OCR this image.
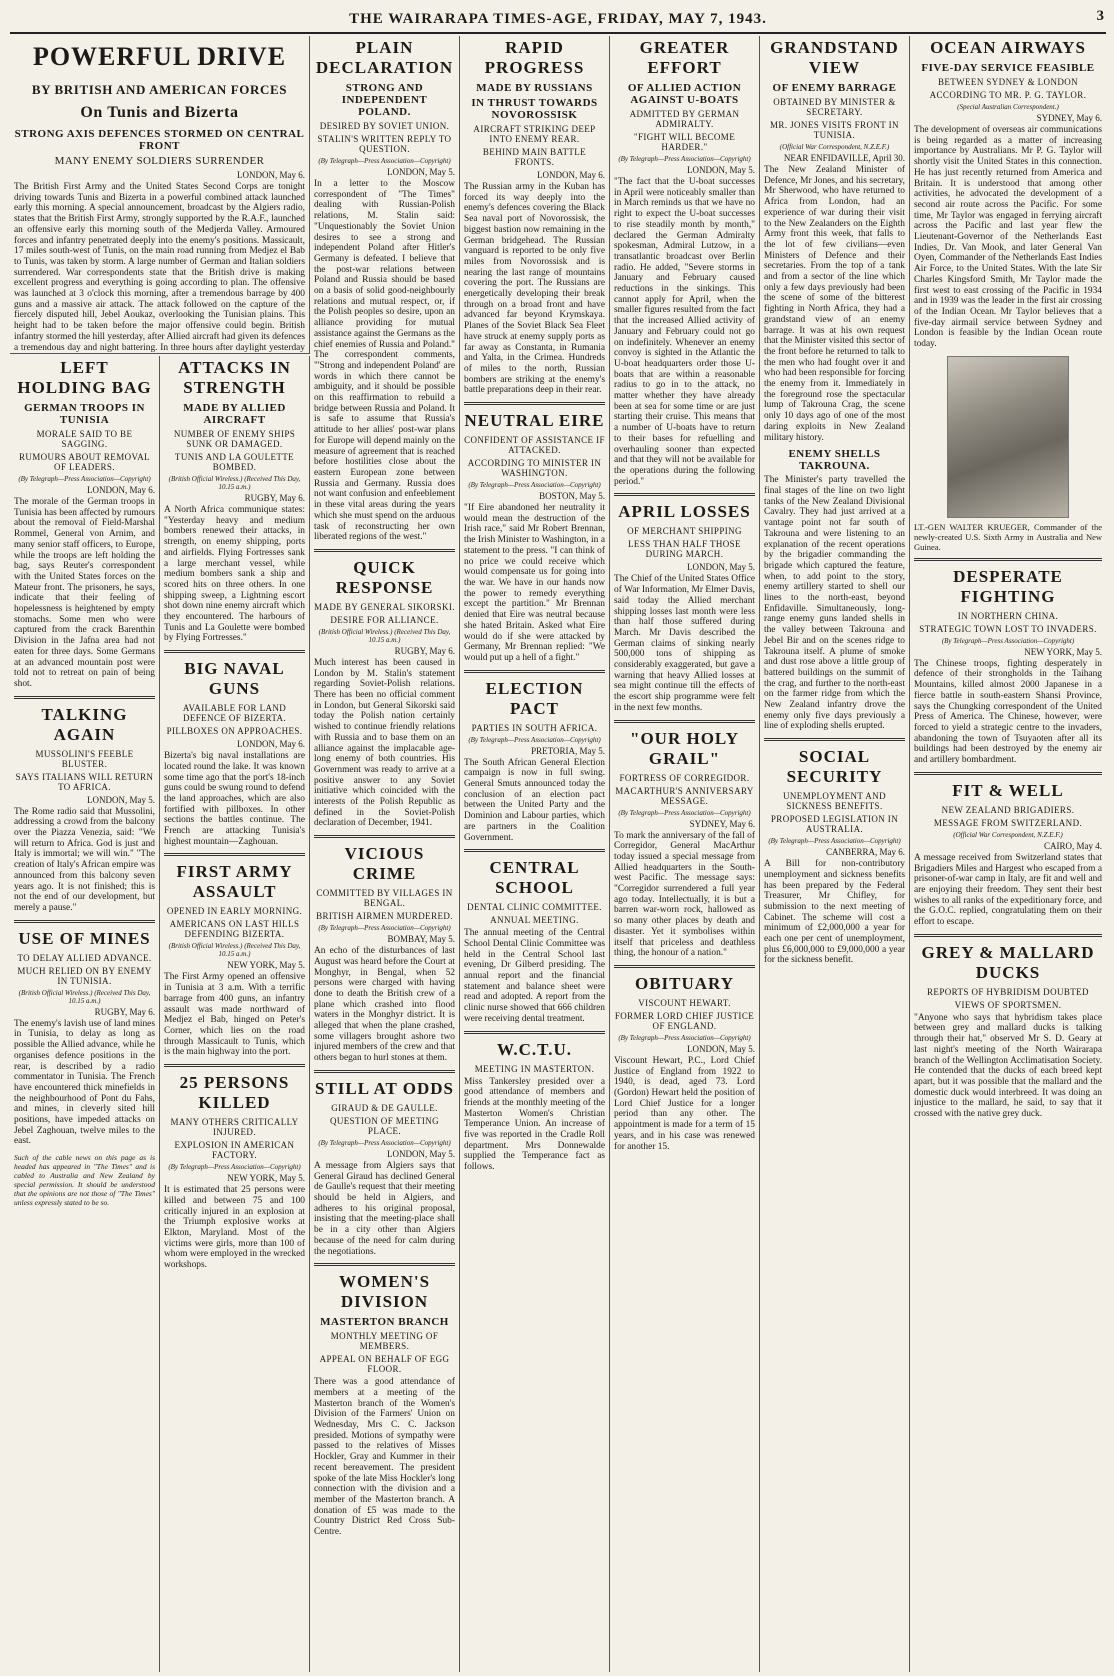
THE WAIRARAPA TIMES-AGE, FRIDAY, MAY 7, 1943.	3
POWERFUL DRIVE
BY BRITISH AND AMERICAN FORCES
On Tunis and Bizerta
STRONG AXIS DEFENCES STORMED ON CENTRAL FRONT
MANY ENEMY SOLDIERS SURRENDER
LONDON, May 6.
The British First Army and the United States Second Corps are tonight driving towards Tunis and Bizerta in a powerful combined attack launched early this morning. A special announcement, broadcast by the Algiers radio, states that the British First Army, strongly supported by the R.A.F., launched an offensive early this morning south of the Medjerda Valley. Armoured forces and infantry penetrated deeply into the enemy's positions. Massicault, 17 miles south-west of Tunis, on the main road running from Medjez el Bab to Tunis, was taken by storm. A large number of German and Italian soldiers surrendered. War correspondents state that the British drive is making excellent progress and everything is going according to plan. The offensive was launched at 3 o'clock this morning, after a tremendous barrage by 400 guns and a massive air attack. The attack followed on the capture of the fiercely disputed hill, Jebel Aoukaz, overlooking the Tunisian plains. This height had to be taken before the major offensive could begin. British infantry stormed the hill yesterday, after Allied aircraft had given its defences a tremendous day and night battering. In three hours after daylight yesterday
LEFT HOLDING BAG
GERMAN TROOPS IN TUNISIA
MORALE SAID TO BE SAGGING.
RUMOURS ABOUT REMOVAL OF LEADERS.
(By Telegraph—Press Association—Copyright)
LONDON, May 6.
The morale of the German troops in Tunisia has been affected by rumours about the removal of Field-Marshal Rommel, General von Arnim, and many senior staff officers, to Europe, while the troops are left holding the bag, says Reuter's correspondent with the United States forces on the Mateur front. The prisoners, he says, indicate that their feeling of hopelessness is heightened by empty stomachs. Some men who were captured from the crack Barenthin Division in the Jafna area had not eaten for three days. Some Germans at an advanced mountain post were told not to retreat on pain of being shot.
TALKING AGAIN
MUSSOLINI'S FEEBLE BLUSTER.
SAYS ITALIANS WILL RETURN TO AFRICA.
LONDON, May 5.
The Rome radio said that Mussolini, addressing a crowd from the balcony over the Piazza Venezia, said: "We will return to Africa. God is just and Italy is immortal; we will win." "The creation of Italy's African empire was announced from this balcony seven years ago. It is not finished; this is not the end of our development, but merely a pause."
USE OF MINES
TO DELAY ALLIED ADVANCE.
MUCH RELIED ON BY ENEMY IN TUNISIA.
(British Official Wireless.) (Received This Day, 10.15 a.m.)
RUGBY, May 6.
The enemy's lavish use of land mines in Tunisia, to delay as long as possible the Allied advance, while he organises defence positions in the rear, is described by a radio commentator in Tunisia. The French have encountered thick minefields in the neighbourhood of Pont du Fahs, and mines, in cleverly sited hill positions, have impeded attacks on Jebel Zaghouan, twelve miles to the east.
Such of the cable news on this page as is headed has appeared in "The Times" and is cabled to Australia and New Zealand by special permission. It should be understood that the opinions are not those of "The Times" unless expressly stated to be so.
ATTACKS IN STRENGTH
MADE BY ALLIED AIRCRAFT
NUMBER OF ENEMY SHIPS SUNK OR DAMAGED.
TUNIS AND LA GOULETTE BOMBED.
(British Official Wireless.) (Received This Day, 10.15 a.m.)
RUGBY, May 6.
A North Africa communique states: "Yesterday heavy and medium bombers renewed their attacks, in strength, on enemy shipping, ports and airfields. Flying Fortresses sank a large merchant vessel, while medium bombers sank a ship and scored hits on three others. In one shipping sweep, a Lightning escort shot down nine enemy aircraft which they encountered. The harbours of Tunis and La Goulette were bombed by Flying Fortresses."
BIG NAVAL GUNS
AVAILABLE FOR LAND DEFENCE OF BIZERTA.
PILLBOXES ON APPROACHES.
LONDON, May 6.
Bizerta's big naval installations are located round the lake. It was known some time ago that the port's 18-inch guns could be swung round to defend the land approaches, which are also fortified with pillboxes. In other sections the battles continue. The French are attacking Tunisia's highest mountain—Zaghouan.
FIRST ARMY ASSAULT
OPENED IN EARLY MORNING.
AMERICANS ON LAST HILLS DEFENDING BIZERTA.
(British Official Wireless.) (Received This Day, 10.15 a.m.)
NEW YORK, May 5.
The First Army opened an offensive in Tunisia at 3 a.m. With a terrific barrage from 400 guns, an infantry assault was made northward of Medjez el Bab, hinged on Peter's Corner, which lies on the road through Massicault to Tunis, which is the main highway into the port.
25 PERSONS KILLED
MANY OTHERS CRITICALLY INJURED.
EXPLOSION IN AMERICAN FACTORY.
(By Telegraph—Press Association—Copyright)
NEW YORK, May 5.
It is estimated that 25 persons were killed and between 75 and 100 critically injured in an explosion at the Triumph explosive works at Elkton, Maryland. Most of the victims were girls, more than 100 of whom were employed in the wrecked workshops.
PLAIN DECLARATION
STRONG AND INDEPENDENT POLAND.
DESIRED BY SOVIET UNION.
STALIN'S WRITTEN REPLY TO QUESTION.
(By Telegraph—Press Association—Copyright)
LONDON, May 5.
In a letter to the Moscow correspondent of "The Times" dealing with Russian-Polish relations, M. Stalin said: "Unquestionably the Soviet Union desires to see a strong and independent Poland after Hitler's Germany is defeated. I believe that the post-war relations between Poland and Russia should be based on a basis of solid good-neighbourly relations and mutual respect, or, if the Polish peoples so desire, upon an alliance providing for mutual assistance against the Germans as the chief enemies of Russia and Poland." The correspondent comments, "'Strong and independent Poland' are words in which there cannot be ambiguity, and it should be possible on this reaffirmation to rebuild a bridge between Russia and Poland. It is safe to assume that Russia's attitude to her allies' post-war plans for Europe will depend mainly on the measure of agreement that is reached before hostilities close about the eastern European zone between Russia and Germany. Russia does not want confusion and enfeeblement in these vital areas during the years which she must spend on the arduous task of reconstructing her own liberated regions of the west."
QUICK RESPONSE
MADE BY GENERAL SIKORSKI.
DESIRE FOR ALLIANCE.
(British Official Wireless.) (Received This Day, 10.15 a.m.)
RUGBY, May 6.
Much interest has been caused in London by M. Stalin's statement regarding Soviet-Polish relations. There has been no official comment in London, but General Sikorski said today the Polish nation certainly wished to continue friendly relations with Russia and to base them on an alliance against the implacable age-long enemy of both countries. His Government was ready to arrive at a positive answer to any Soviet initiative which coincided with the interests of the Polish Republic as defined in the Soviet-Polish declaration of December, 1941.
VICIOUS CRIME
COMMITTED BY VILLAGES IN BENGAL.
BRITISH AIRMEN MURDERED.
(By Telegraph—Press Association—Copyright)
BOMBAY, May 5.
An echo of the disturbances of last August was heard before the Court at Monghyr, in Bengal, when 52 persons were charged with having done to death the British crew of a plane which crashed into flood waters in the Monghyr district. It is alleged that when the plane crashed, some villagers brought ashore two injured members of the crew and that others began to hurl stones at them.
STILL AT ODDS
GIRAUD & DE GAULLE.
QUESTION OF MEETING PLACE.
(By Telegraph—Press Association—Copyright)
LONDON, May 5.
A message from Algiers says that General Giraud has declined General de Gaulle's request that their meeting should be held in Algiers, and adheres to his original proposal, insisting that the meeting-place shall be in a city other than Algiers because of the need for calm during the negotiations.
WOMEN'S DIVISION
MASTERTON BRANCH
MONTHLY MEETING OF MEMBERS.
APPEAL ON BEHALF OF EGG FLOOR.
There was a good attendance of members at a meeting of the Masterton branch of the Women's Division of the Farmers' Union on Wednesday, Mrs C. C. Jackson presided. Motions of sympathy were passed to the relatives of Misses Hockler, Gray and Kummer in their recent bereavement. The president spoke of the late Miss Hockler's long connection with the division and a member of the Masterton branch. A donation of £5 was made to the Country District Red Cross Sub-Centre.
RAPID PROGRESS
MADE BY RUSSIANS
IN THRUST TOWARDS NOVOROSSISK
AIRCRAFT STRIKING DEEP INTO ENEMY REAR.
BEHIND MAIN BATTLE FRONTS.
LONDON, May 6.
The Russian army in the Kuban has forced its way deeply into the enemy's defences covering the Black Sea naval port of Novorossisk, the biggest bastion now remaining in the German bridgehead. The Russian vanguard is reported to be only five miles from Novorossisk and is nearing the last range of mountains covering the port. The Russians are energetically developing their break through on a broad front and have advanced far beyond Krymskaya. Planes of the Soviet Black Sea Fleet have struck at enemy supply ports as far away as Constanta, in Rumania and Yalta, in the Crimea. Hundreds of miles to the north, Russian bombers are striking at the enemy's battle preparations deep in their rear.
NEUTRAL EIRE
CONFIDENT OF ASSISTANCE IF ATTACKED.
ACCORDING TO MINISTER IN WASHINGTON.
(By Telegraph—Press Association—Copyright)
BOSTON, May 5.
"If Eire abandoned her neutrality it would mean the destruction of the Irish race," said Mr Robert Brennan, the Irish Minister to Washington, in a statement to the press. "I can think of no price we could receive which would compensate us for going into the war. We have in our hands now the power to remedy everything except the partition." Mr Brennan denied that Eire was neutral because she hated Britain. Asked what Eire would do if she were attacked by Germany, Mr Brennan replied: "We would put up a hell of a fight."
ELECTION PACT
PARTIES IN SOUTH AFRICA.
(By Telegraph—Press Association—Copyright)
PRETORIA, May 5.
The South African General Election campaign is now in full swing. General Smuts announced today the conclusion of an election pact between the United Party and the Dominion and Labour parties, which are partners in the Coalition Government.
CENTRAL SCHOOL
DENTAL CLINIC COMMITTEE.
ANNUAL MEETING.
The annual meeting of the Central School Dental Clinic Committee was held in the Central School last evening, Dr Gilberd presiding. The annual report and the financial statement and balance sheet were read and adopted. A report from the clinic nurse showed that 666 children were receiving dental treatment.
W.C.T.U.
MEETING IN MASTERTON.
Miss Tankersley presided over a good attendance of members and friends at the monthly meeting of the Masterton Women's Christian Temperance Union. An increase of five was reported in the Cradle Roll department. Mrs Donnewalde supplied the Temperance fact as follows.
GREATER EFFORT
OF ALLIED ACTION AGAINST U-BOATS
ADMITTED BY GERMAN ADMIRALTY.
"FIGHT WILL BECOME HARDER."
(By Telegraph—Press Association—Copyright)
LONDON, May 5.
"The fact that the U-boat successes in April were noticeably smaller than in March reminds us that we have no right to expect the U-boat successes to rise steadily month by month," declared the German Admiralty spokesman, Admiral Lutzow, in a transatlantic broadcast over Berlin radio. He added, "Severe storms in January and February caused reductions in the sinkings. This cannot apply for April, when the smaller figures resulted from the fact that the increased Allied activity of January and February could not go on indefinitely. Whenever an enemy convoy is sighted in the Atlantic the U-boat headquarters order those U-boats that are within a reasonable radius to go in to the attack, no matter whether they have already been at sea for some time or are just starting their cruise. This means that a number of U-boats have to return to their bases for refuelling and overhauling sooner than expected and that they will not be available for the operations during the following period."
APRIL LOSSES
OF MERCHANT SHIPPING
LESS THAN HALF THOSE DURING MARCH.
LONDON, May 5.
The Chief of the United States Office of War Information, Mr Elmer Davis, said today the Allied merchant shipping losses last month were less than half those suffered during March. Mr Davis described the German claims of sinking nearly 500,000 tons of shipping as considerably exaggerated, but gave a warning that heavy Allied losses at sea might continue till the effects of the escort ship programme were felt in the next few months.
"OUR HOLY GRAIL"
FORTRESS OF CORREGIDOR.
MACARTHUR'S ANNIVERSARY MESSAGE.
(By Telegraph—Press Association—Copyright)
SYDNEY, May 6.
To mark the anniversary of the fall of Corregidor, General MacArthur today issued a special message from Allied headquarters in the South-west Pacific. The message says: "Corregidor surrendered a full year ago today. Intellectually, it is but a barren war-worn rock, hallowed as so many other places by death and disaster. Yet it symbolises within itself that priceless and deathless thing, the honour of a nation."
OBITUARY
VISCOUNT HEWART.
FORMER LORD CHIEF JUSTICE OF ENGLAND.
(By Telegraph—Press Association—Copyright)
LONDON, May 5.
Viscount Hewart, P.C., Lord Chief Justice of England from 1922 to 1940, is dead, aged 73. Lord (Gordon) Hewart held the position of Lord Chief Justice for a longer period than any other. The appointment is made for a term of 15 years, and in his case was renewed for another 15.
GRANDSTAND VIEW
OF ENEMY BARRAGE
OBTAINED BY MINISTER & SECRETARY.
MR. JONES VISITS FRONT IN TUNISIA.
(Official War Correspondent, N.Z.E.F.)
NEAR ENFIDAVILLE, April 30.
The New Zealand Minister of Defence, Mr Jones, and his secretary, Mr Sherwood, who have returned to Africa from London, had an experience of war during their visit to the New Zealanders on the Eighth Army front this week, that falls to the lot of few civilians—even Ministers of Defence and their secretaries. From the top of a tank and from a sector of the line which only a few days previously had been the scene of some of the bitterest fighting in North Africa, they had a grandstand view of an enemy barrage. It was at his own request that the Minister visited this sector of the front before he returned to talk to the men who had fought over it and who had been responsible for forcing the enemy from it. Immediately in the foreground rose the spectacular lump of Takrouna Crag, the scene only 10 days ago of one of the most daring exploits in New Zealand military history.
ENEMY SHELLS TAKROUNA.
The Minister's party travelled the final stages of the line on two light tanks of the New Zealand Divisional Cavalry. They had just arrived at a vantage point not far south of Takrouna and were listening to an explanation of the recent operations by the brigadier commanding the brigade which captured the feature, when, to add point to the story, enemy artillery started to shell our lines to the north-east, beyond Enfidaville. Simultaneously, long-range enemy guns landed shells in the valley between Takrouna and Jebel Bir and on the scenes ridge to Takrouna itself. A plume of smoke and dust rose above a little group of battered buildings on the summit of the crag, and further to the north-east on the farmer ridge from which the New Zealand infantry drove the enemy only five days previously a line of exploding shells erupted.
SOCIAL SECURITY
UNEMPLOYMENT AND SICKNESS BENEFITS.
PROPOSED LEGISLATION IN AUSTRALIA.
(By Telegraph—Press Association—Copyright)
CANBERRA, May 6.
A Bill for non-contributory unemployment and sickness benefits has been prepared by the Federal Treasurer, Mr Chifley, for submission to the next meeting of Cabinet. The scheme will cost a minimum of £2,000,000 a year for each one per cent of unemployment, plus £6,000,000 to £9,000,000 a year for the sickness benefit.
OCEAN AIRWAYS
FIVE-DAY SERVICE FEASIBLE
BETWEEN SYDNEY & LONDON
ACCORDING TO MR. P. G. TAYLOR.
(Special Australian Correspondent.)
SYDNEY, May 6.
The development of overseas air communications is being regarded as a matter of increasing importance by Australians. Mr P. G. Taylor will shortly visit the United States in this connection. He has just recently returned from America and Britain. It is understood that among other activities, he advocated the development of a second air route across the Pacific. For some time, Mr Taylor was engaged in ferrying aircraft across the Pacific and last year flew the Lieutenant-Governor of the Netherlands East Indies, Dr. Van Mook, and later General Van Oyen, Commander of the Netherlands East Indies Air Force, to the United States. With the late Sir Charles Kingsford Smith, Mr Taylor made the first west to east crossing of the Pacific in 1934 and in 1939 was the leader in the first air crossing of the Indian Ocean. Mr Taylor believes that a five-day airmail service between Sydney and London is feasible by the Indian Ocean route today.
LT.-GEN WALTER KRUEGER, Commander of the newly-created U.S. Sixth Army in Australia and New Guinea.
DESPERATE FIGHTING
IN NORTHERN CHINA.
STRATEGIC TOWN LOST TO INVADERS.
(By Telegraph—Press Association—Copyright)
NEW YORK, May 5.
The Chinese troops, fighting desperately in defence of their strongholds in the Taihang Mountains, killed almost 2000 Japanese in a fierce battle in south-eastern Shansi Province, says the Chungking correspondent of the United Press of America. The Chinese, however, were forced to yield a strategic centre to the invaders, abandoning the town of Tsuyaoten after all its buildings had been destroyed by the enemy air and artillery bombardment.
FIT & WELL
NEW ZEALAND BRIGADIERS.
MESSAGE FROM SWITZERLAND.
(Official War Correspondent, N.Z.E.F.)
CAIRO, May 4.
A message received from Switzerland states that Brigadiers Miles and Hargest who escaped from a prisoner-of-war camp in Italy, are fit and well and are enjoying their freedom. They sent their best wishes to all ranks of the expeditionary force, and the G.O.C. replied, congratulating them on their effort to escape.
GREY & MALLARD DUCKS
REPORTS OF HYBRIDISM DOUBTED
VIEWS OF SPORTSMEN.
"Anyone who says that hybridism takes place between grey and mallard ducks is talking through their hat," observed Mr S. D. Geary at last night's meeting of the North Wairarapa branch of the Wellington Acclimatisation Society. He contended that the ducks of each breed kept apart, but it was possible that the mallard and the domestic duck would interbreed. It was doing an injustice to the mallard, he said, to say that it crossed with the native grey duck.
